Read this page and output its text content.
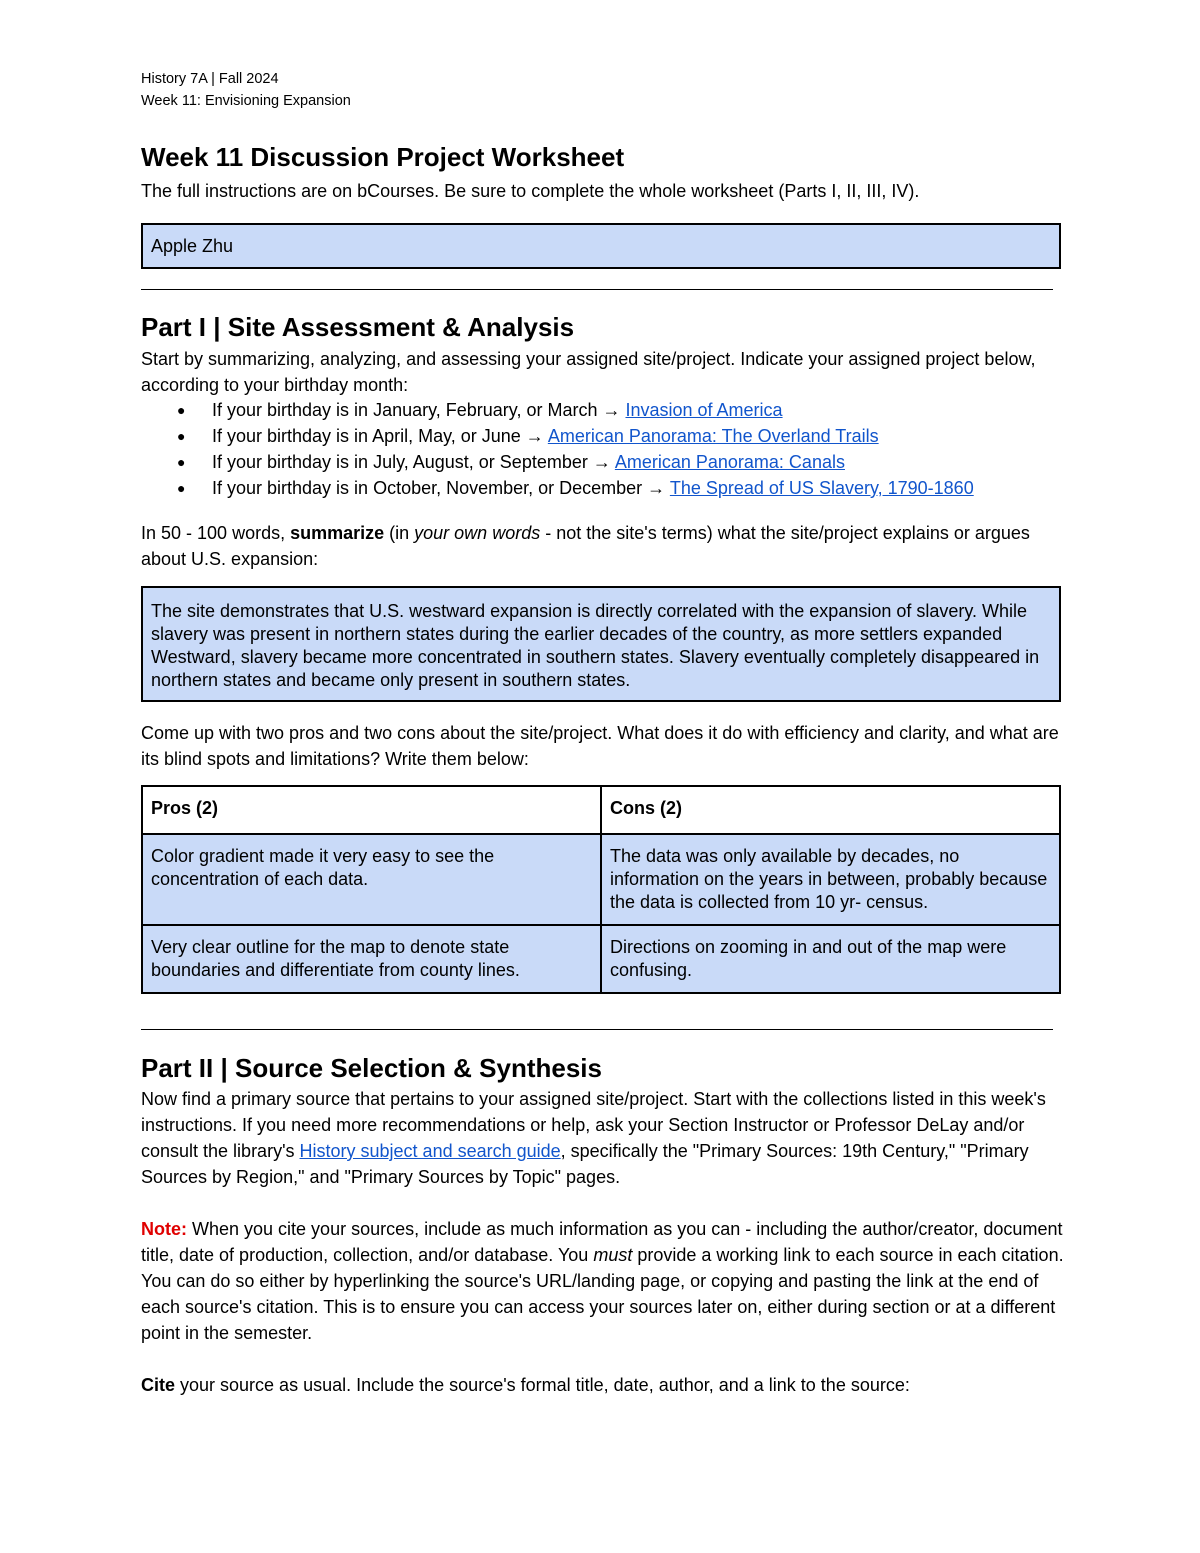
History 7A | Fall 2024
Week 11: Envisioning Expansion
Week 11 Discussion Project Worksheet
The full instructions are on bCourses. Be sure to complete the whole worksheet (Parts I, II, III, IV).
Apple Zhu
Part I | Site Assessment & Analysis
Start by summarizing, analyzing, and assessing your assigned site/project. Indicate your assigned project below, according to your birthday month:
● If your birthday is in January, February, or March → Invasion of America
● If your birthday is in April, May, or June → American Panorama: The Overland Trails
● If your birthday is in July, August, or September → American Panorama: Canals
● If your birthday is in October, November, or December → The Spread of US Slavery, 1790-1860
In 50 - 100 words, summarize (in your own words - not the site's terms) what the site/project explains or argues about U.S. expansion:
The site demonstrates that U.S. westward expansion is directly correlated with the expansion of slavery. While slavery was present in northern states during the earlier decades of the country, as more settlers expanded Westward, slavery became more concentrated in southern states. Slavery eventually completely disappeared in northern states and became only present in southern states.
Come up with two pros and two cons about the site/project. What does it do with efficiency and clarity, and what are its blind spots and limitations? Write them below:
Pros (2)	Cons (2)
Color gradient made it very easy to see the concentration of each data.	The data was only available by decades, no information on the years in between, probably because the data is collected from 10 yr- census.
Very clear outline for the map to denote state boundaries and differentiate from county lines.	Directions on zooming in and out of the map were confusing.
Part II | Source Selection & Synthesis
Now find a primary source that pertains to your assigned site/project. Start with the collections listed in this week's instructions. If you need more recommendations or help, ask your Section Instructor or Professor DeLay and/or consult the library's History subject and search guide, specifically the "Primary Sources: 19th Century," "Primary Sources by Region," and "Primary Sources by Topic" pages.
Note: When you cite your sources, include as much information as you can - including the author/creator, document title, date of production, collection, and/or database. You must provide a working link to each source in each citation. You can do so either by hyperlinking the source's URL/landing page, or copying and pasting the link at the end of each source's citation. This is to ensure you can access your sources later on, either during section or at a different point in the semester.
Cite your source as usual. Include the source's formal title, date, author, and a link to the source:
